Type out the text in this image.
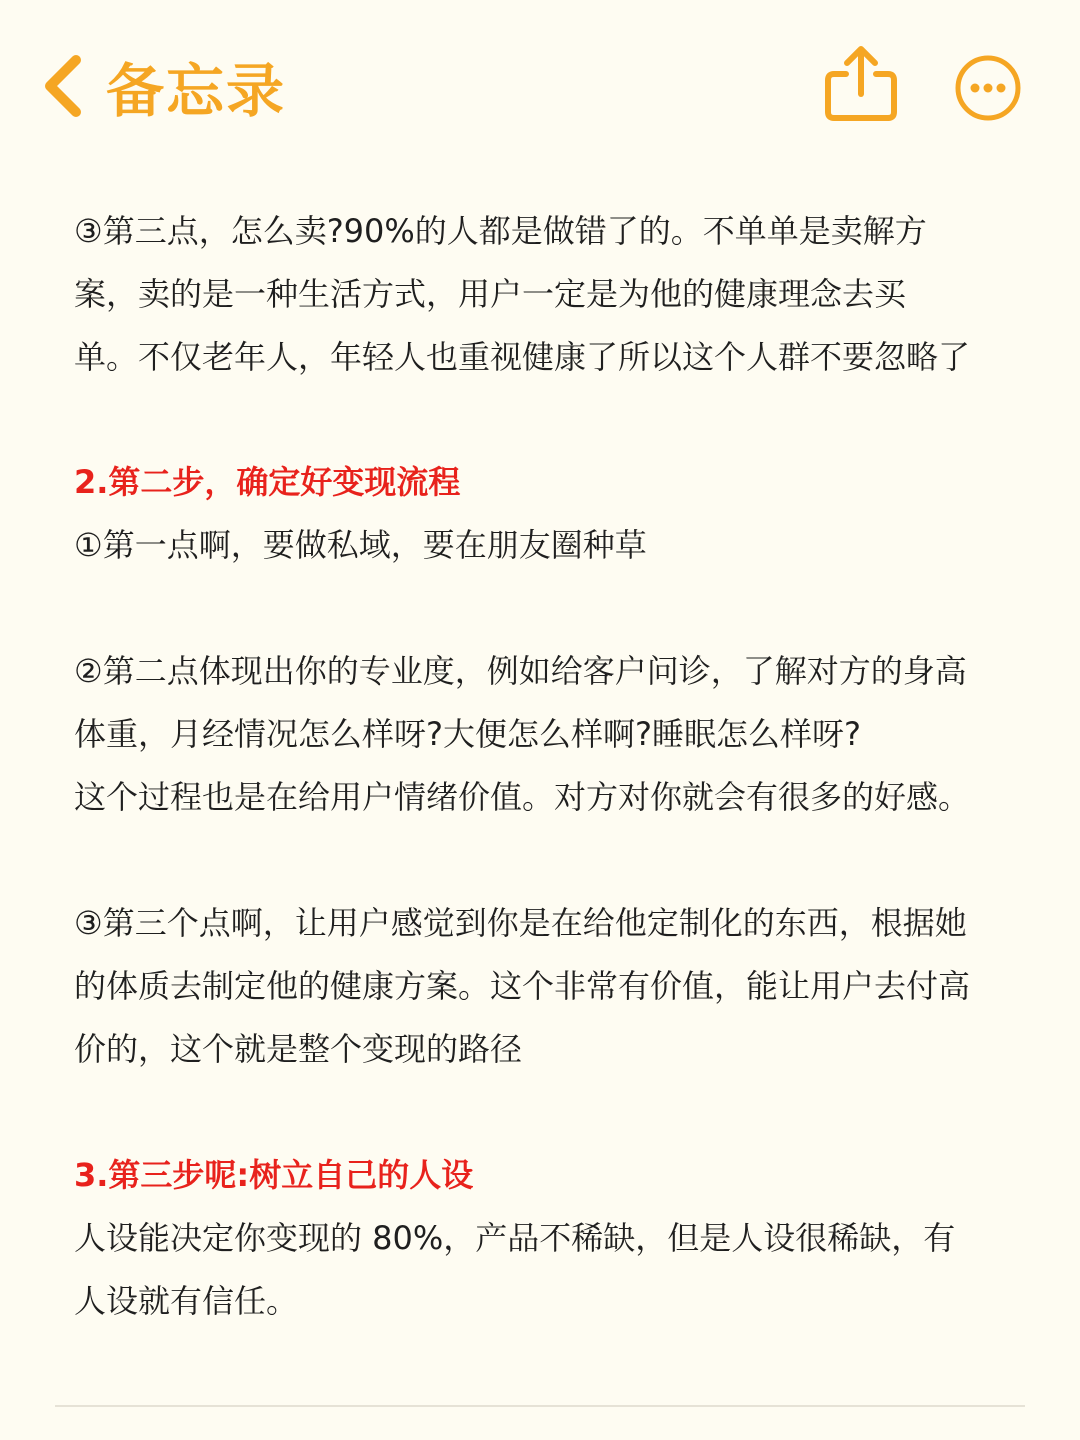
备忘录

③第三点，怎么卖?90%的人都是做错了的。不单单是卖解方

案，卖的是一种生活方式，用户一定是为他的健康理念去买

单。不仅老年人，年轻人也重视健康了所以这个人群不要忽略了

2.第二步，确定好变现流程

①第一点啊，要做私域，要在朋友圈种草

②第二点体现出你的专业度，例如给客户问诊，了解对方的身高

体重，月经情况怎么样呀?大便怎么样啊?睡眠怎么样呀?

这个过程也是在给用户情绪价值。对方对你就会有很多的好感。

③第三个点啊，让用户感觉到你是在给他定制化的东西，根据她

的体质去制定他的健康方案。这个非常有价值，能让用户去付高

价的，这个就是整个变现的路径

3.第三步呢:树立自己的人设

人设能决定你变现的 80%，产品不稀缺，但是人设很稀缺，有

人设就有信任。
